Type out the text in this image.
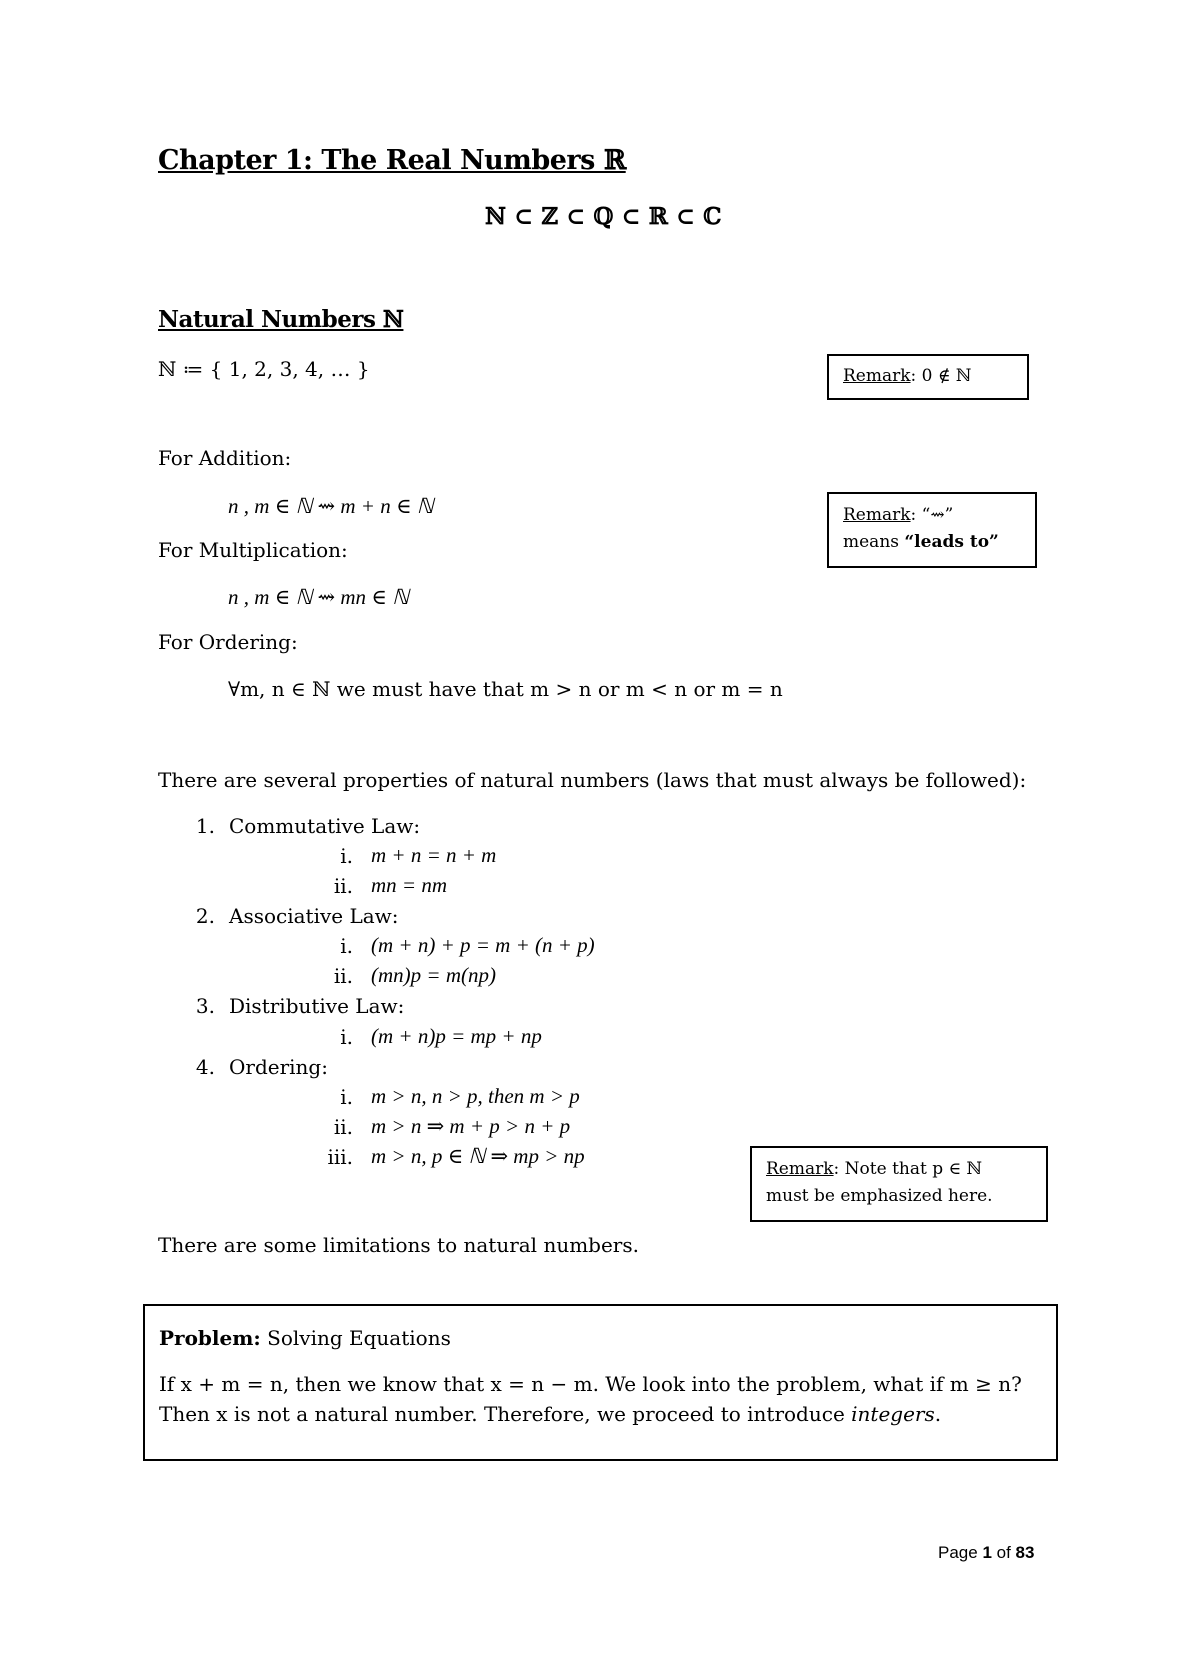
Chapter 1: The Real Numbers ℝ
ℕ ⊂ ℤ ⊂ ℚ ⊂ ℝ ⊂ ℂ
Natural Numbers ℕ
ℕ ≔ { 1, 2, 3, 4, … }	Remark: 0 ∉ ℕ
For Addition:
n , m ∈ ℕ ⇝ m + n ∈ ℕ	Remark: “⇝”
means “leads to”
For Multiplication:
n , m ∈ ℕ ⇝ mn ∈ ℕ
For Ordering:
∀m, n ∈ ℕ we must have that m > n or m < n or m = n
There are several properties of natural numbers (laws that must always be followed):
1. Commutative Law:
i. m + n = n + m
ii. mn = nm
2. Associative Law:
i. (m + n) + p = m + (n + p)
ii. (mn)p = m(np)
3. Distributive Law:
i. (m + n)p = mp + np
4. Ordering:
i. m > n, n > p, then m > p
ii. m > n ⇒ m + p > n + p
iii. m > n, p ∈ ℕ ⇒ mp > np
Remark: Note that p ∈ ℕ
must be emphasized here.
There are some limitations to natural numbers.
Problem: Solving Equations
If x + m = n, then we know that x = n − m. We look into the problem, what if m ≥ n?
Then x is not a natural number. Therefore, we proceed to introduce integers.
Page 1 of 83
